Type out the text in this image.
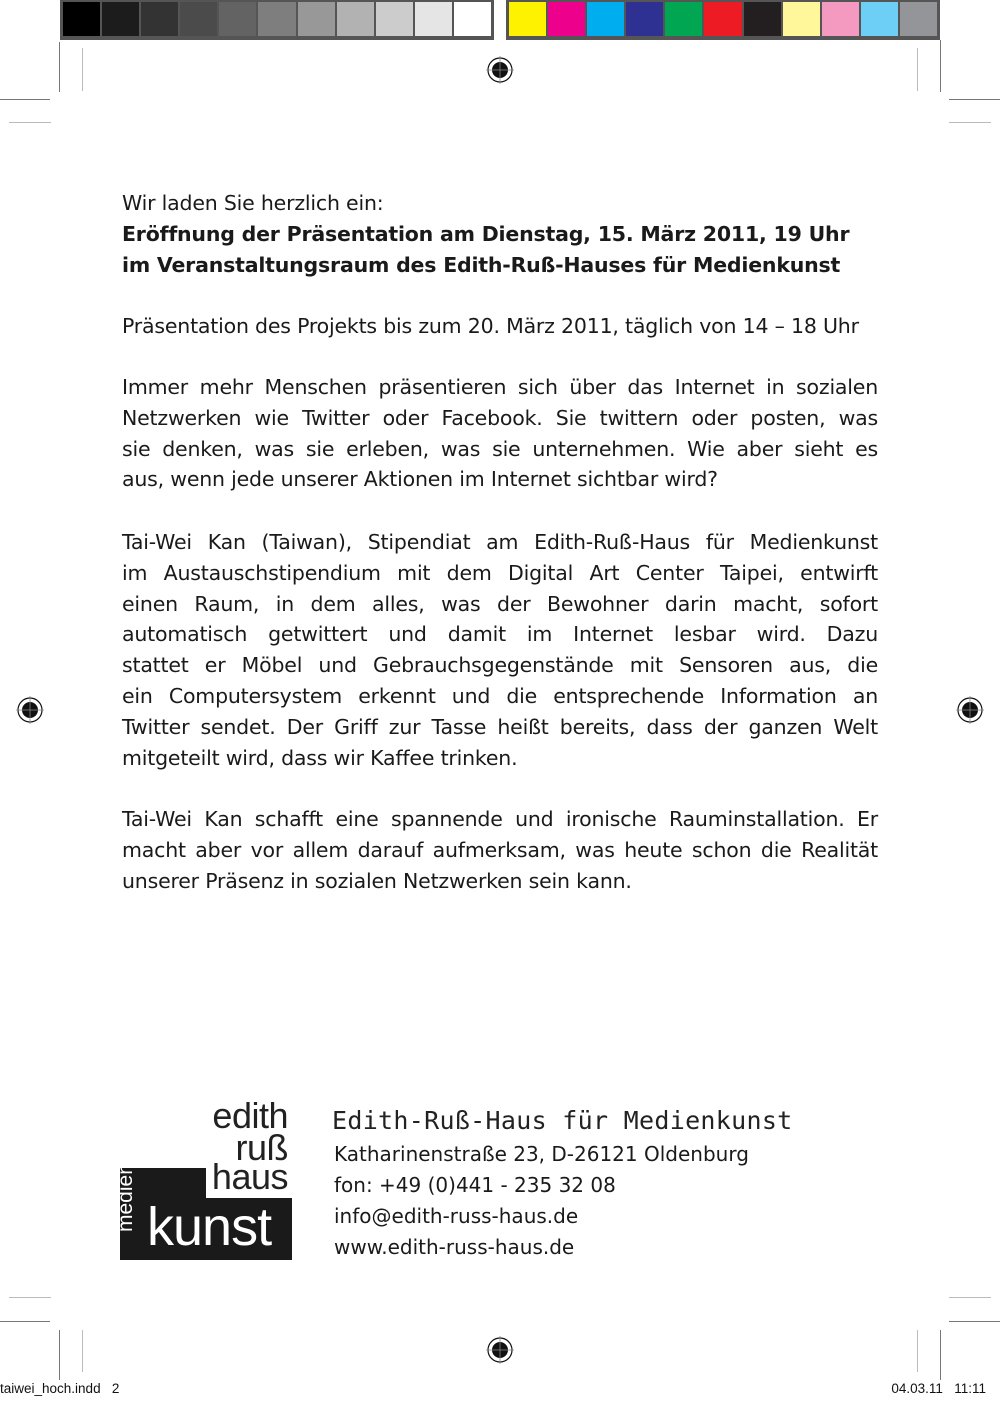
Wir laden Sie herzlich ein:
Eröffnung der Präsentation am Dienstag, 15. März 2011, 19 Uhr
im Veranstaltungsraum des Edith-Ruß-Hauses für Medienkunst
Präsentation des Projekts bis zum 20. März 2011, täglich von 14 – 18 Uhr
Immer mehr Menschen präsentieren sich über das Internet in sozialen
Netzwerken wie Twitter oder Facebook. Sie twittern oder posten, was
sie denken, was sie erleben, was sie unternehmen. Wie aber sieht es
aus, wenn jede unserer Aktionen im Internet sichtbar wird?
Tai-Wei Kan (Taiwan), Stipendiat am Edith-Ruß-Haus für Medienkunst
im Austauschstipendium mit dem Digital Art Center Taipei, entwirft
einen Raum, in dem alles, was der Bewohner darin macht, sofort
automatisch getwittert und damit im Internet lesbar wird. Dazu
stattet er Möbel und Gebrauchsgegenstände mit Sensoren aus, die
ein Computersystem erkennt und die entsprechende Information an
Twitter sendet. Der Griff zur Tasse heißt bereits, dass der ganzen Welt
mitgeteilt wird, dass wir Kaffee trinken.
Tai-Wei Kan schafft eine spannende und ironische Rauminstallation. Er
macht aber vor allem darauf aufmerksam, was heute schon die Realität
unserer Präsenz in sozialen Netzwerken sein kann.
edith
ruß
haus
medien kunst
Edith-Ruß-Haus für Medienkunst
Katharinenstraße 23, D-26121 Oldenburg
fon: +49 (0)441 - 235 32 08
info@edith-russ-haus.de
www.edith-russ-haus.de
taiwei_hoch.indd 2	04.03.11 11:11
